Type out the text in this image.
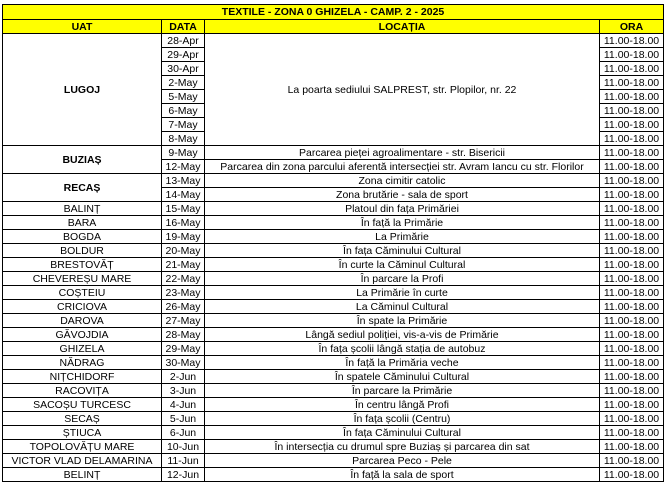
TEXTILE - ZONA 0 GHIZELA - CAMP. 2 - 2025			
UAT	DATA	LOCAȚIA	ORA
LUGOJ	28-Apr	La poarta sediului SALPREST, str. Plopilor, nr. 22	11.00-18.00
	29-Apr		11.00-18.00
	30-Apr		11.00-18.00
	2-May		11.00-18.00
	5-May		11.00-18.00
	6-May		11.00-18.00
	7-May		11.00-18.00
	8-May		11.00-18.00
BUZIAȘ	9-May	Parcarea pieței agroalimentare - str. Bisericii	11.00-18.00
	12-May	Parcarea din zona parcului aferentă intersecției str. Avram Iancu cu str. Florilor	11.00-18.00
RECAȘ	13-May	Zona cimitir catolic	11.00-18.00
	14-May	Zona brutărie - sala de sport	11.00-18.00
BALINȚ	15-May	Platoul din fața Primăriei	11.00-18.00
BARA	16-May	În față la Primărie	11.00-18.00
BOGDA	19-May	La Primărie	11.00-18.00
BOLDUR	20-May	În fața Căminului Cultural	11.00-18.00
BRESTOVĂȚ	21-May	În curte la Căminul Cultural	11.00-18.00
CHEVEREȘU MARE	22-May	În parcare la Profi	11.00-18.00
COȘTEIU	23-May	La Primărie în curte	11.00-18.00
CRICIOVA	26-May	La Căminul Cultural	11.00-18.00
DAROVA	27-May	În spate la Primărie	11.00-18.00
GĂVOJDIA	28-May	Lângă sediul poliției, vis-a-vis de Primărie	11.00-18.00
GHIZELA	29-May	În fața școlii lângă stația de autobuz	11.00-18.00
NĂDRAG	30-May	În față la Primăria veche	11.00-18.00
NIȚCHIDORF	2-Jun	În spatele Căminului Cultural	11.00-18.00
RACOVIȚA	3-Jun	În parcare la Primărie	11.00-18.00
SACOȘU TURCESC	4-Jun	În centru lângă Profi	11.00-18.00
SECAȘ	5-Jun	În fața școlii (Centru)	11.00-18.00
ȘTIUCA	6-Jun	În fața Căminului Cultural	11.00-18.00
TOPOLOVĂȚU MARE	10-Jun	În intersecția cu drumul spre Buziaș și parcarea din sat	11.00-18.00
VICTOR VLAD DELAMARINA	11-Jun	Parcarea Peco - Pele	11.00-18.00
BELINȚ	12-Jun	În față la sala de sport	11.00-18.00
